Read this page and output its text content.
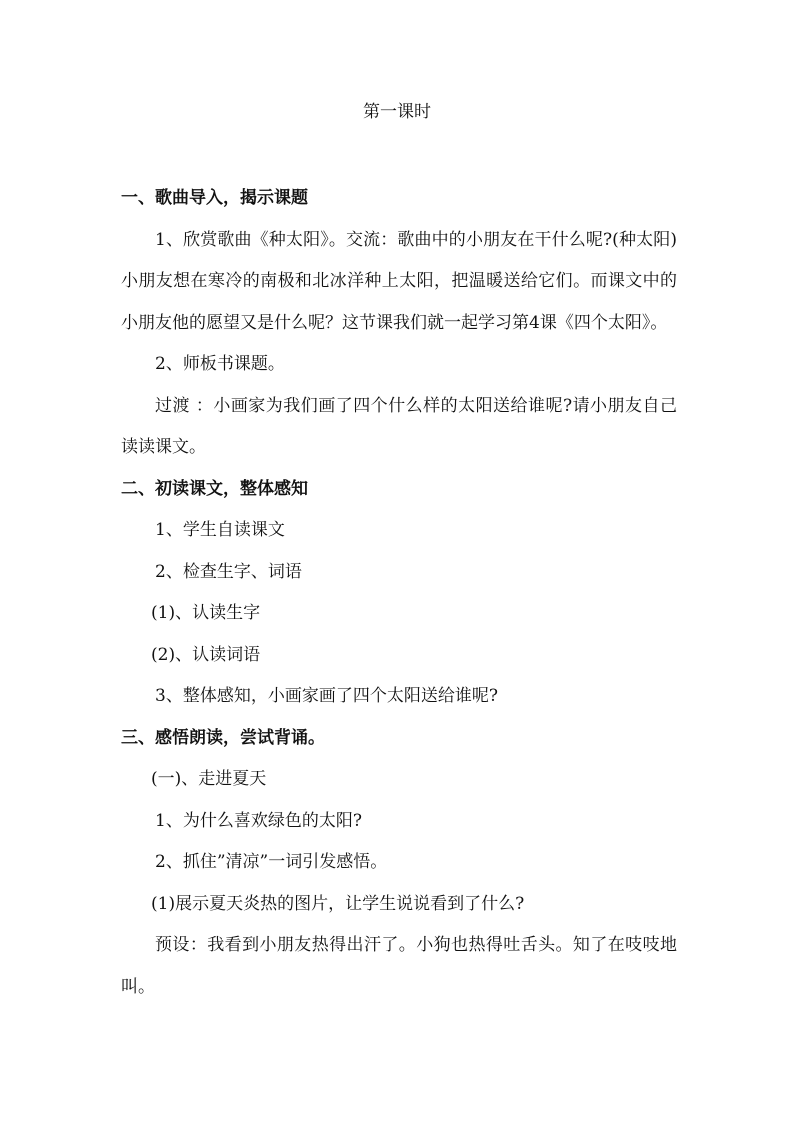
第一课时

一、歌曲导入，揭示课题

1、欣赏歌曲《种太阳》。交流：歌曲中的小朋友在干什么呢?(种太阳)小朋友想在寒冷的南极和北冰洋种上太阳，把温暖送给它们。而课文中的小朋友他的愿望又是什么呢？这节课我们就一起学习第4课《四个太阳》。

2、师板书课题。

过渡 ：小画家为我们画了四个什么样的太阳送给谁呢?请小朋友自己读读课文。

二、初读课文，整体感知

1、学生自读课文

2、检查生字、词语

(1)、认读生字

(2)、认读词语

3、整体感知，小画家画了四个太阳送给谁呢?

三、感悟朗读，尝试背诵。

(一)、走进夏天

1、为什么喜欢绿色的太阳?

2、抓住”清凉”一词引发感悟。

(1)展示夏天炎热的图片，让学生说说看到了什么?

预设：我看到小朋友热得出汗了。小狗也热得吐舌头。知了在吱吱地叫。
